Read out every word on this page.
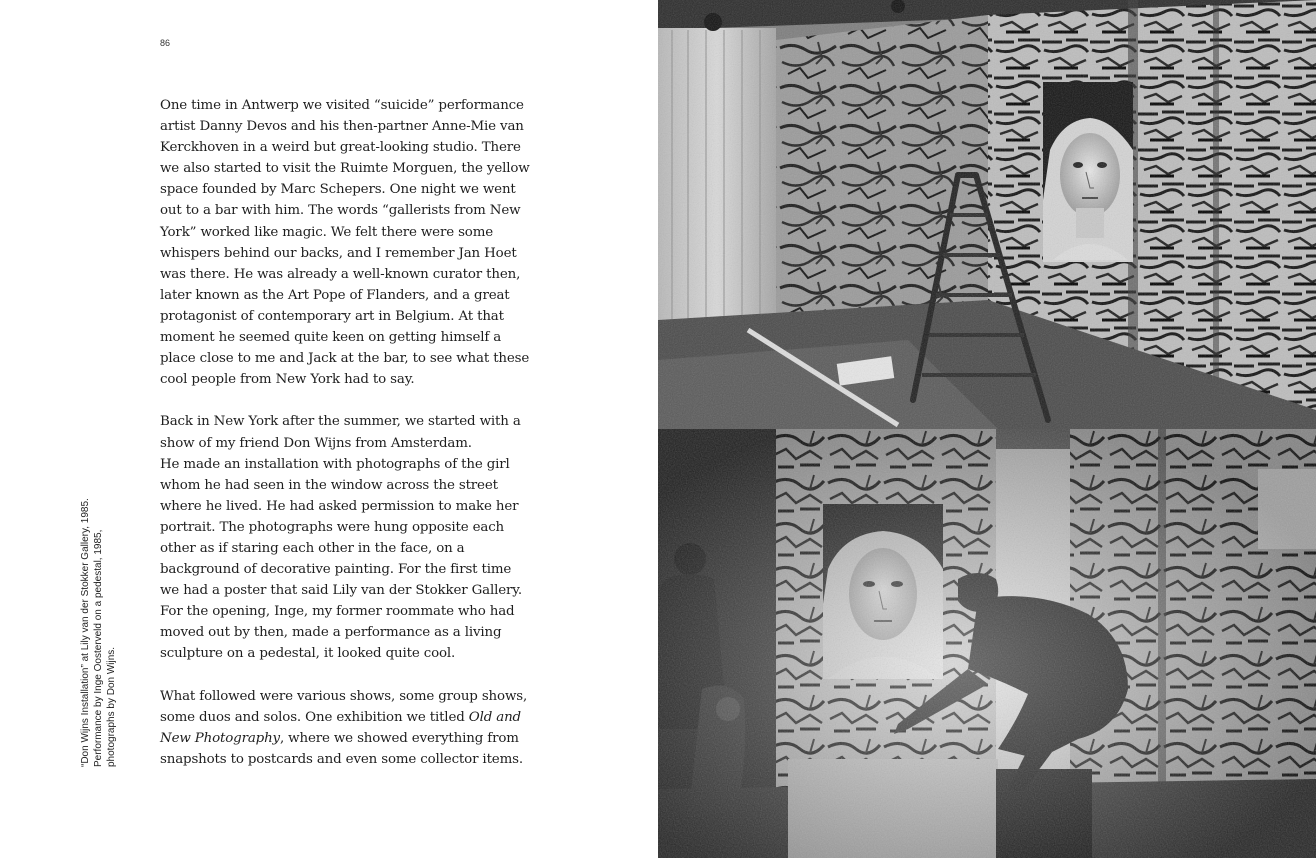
86

One time in Antwerp we visited “suicide” performance artist Danny Devos and his then-partner Anne-Mie van Kerckhoven in a weird but great-looking studio. There we also started to visit the Ruimte Morguen, the yellow space founded by Marc Schepers. One night we went out to a bar with him. The words “gallerists from New York” worked like magic. We felt there were some whispers behind our backs, and I remember Jan Hoet was there. He was already a well-known curator then, later known as the Art Pope of Flanders, and a great protagonist of contemporary art in Belgium. At that moment he seemed quite keen on getting himself a place close to me and Jack at the bar, to see what these cool people from New York had to say.

Back in New York after the summer, we started with a show of my friend Don Wijns from Amsterdam.
He made an installation with photographs of the girl whom he had seen in the window across the street where he lived. He had asked permission to make her portrait. The photographs were hung opposite each other as if staring each other in the face, on a background of decorative painting. For the first time we had a poster that said Lily van der Stokker Gallery. For the opening, Inge, my former roommate who had moved out by then, made a performance as a living sculpture on a pedestal, it looked quite cool.

What followed were various shows, some group shows, some duos and solos. One exhibition we titled Old and New Photography, where we showed everything from snapshots to postcards and even some collector items.

“Don Wijns Installation” at Lily van der Stokker Gallery, 1985. Performance by Inge Oosterveld on a pedestal, 1985, photographs by Don Wijns.
